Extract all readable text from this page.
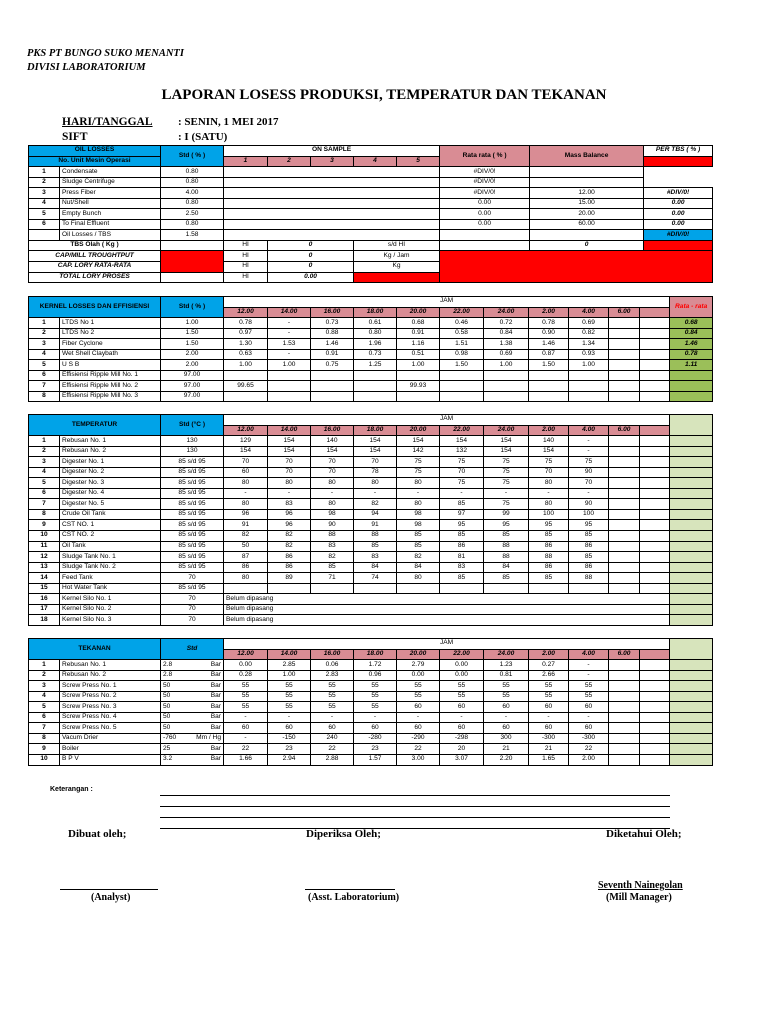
PKS PT BUNGO SUKO MENANTI
DIVISI LABORATORIUM
LAPORAN LOSESS PRODUKSI, TEMPERATUR DAN TEKANAN
HARI/TANGGAL : SENIN, 1 MEI 2017
SIFT	: I (SATU)
OIL LOSSES		Std ( % )	ON SAMPLE					Rata rata ( % )	Mass Balance	PER TBS ( % )
No. Unit Mesin Operasi			1	2	3	4	5			
1	Condensate	0.80						#DIV/0!		
2	Sludge Centrifuge	0.80						#DIV/0!		
3	Press Fiber	4.00						#DIV/0!	12.00	#DIV/0!
4	Nut/Shell	0.80						0.00	15.00	0.00
5	Empty Bunch	2.50						0.00	20.00	0.00
6	To Final Effluent	0.80						0.00	60.00	0.00
	Oil Losses / TBS	1.58								#DIV/0!
TBS Olah ( Kg )			HI	0		s/d HI			0	
CAP/MILL TROUGHTPUT			HI	0		Kg / Jam				
CAP. LORY RATA-RATA			HI	0		Kg				
TOTAL LORY PROSES			HI	0.00						
KERNEL LOSSES DAN EFFISIENSI		Std ( % )	JAM											Rata - rata
			12.00	14.00	16.00	18.00	20.00	22.00	24.00	2.00	4.00	6.00		
1	LTDS No 1	1.00	0.78	-	0.73	0.61	0.68	0.46	0.72	0.78	0.69			0.68
2	LTDS No 2	1.50	0.97	-	0.88	0.80	0.91	0.58	0.84	0.90	0.82			0.84
3	Fiber Cyclone	1.50	1.30	1.53	1.46	1.96	1.16	1.51	1.38	1.46	1.34			1.46
4	Wet Shell Claybath	2.00	0.63	-	0.91	0.73	0.51	0.98	0.69	0.87	0.93			0.78
5	U S B	2.00	1.00	1.00	0.75	1.25	1.00	1.50	1.00	1.50	1.00			1.11
6	Effisiensi Ripple Mill No. 1	97.00												
7	Effisiensi Ripple Mill No. 2	97.00	99.65				99.93							
8	Effisiensi Ripple Mill No. 3	97.00												
TEMPERATUR		Std (°C )	JAM											
			12.00	14.00	16.00	18.00	20.00	22.00	24.00	2.00	4.00	6.00		
1	Rebusan No. 1	130	129	154	140	154	154	154	154	140	-			
2	Rebusan No. 2	130	154	154	154	154	142	132	154	154	-			
3	Digester No. 1	85 s/d 95	70	70	70	70	75	75	75	75	75			
4	Digester No. 2	85 s/d 95	60	70	70	78	75	70	75	70	90			
5	Digester No. 3	85 s/d 95	80	80	80	80	80	75	75	80	70			
6	Digester No. 4	85 s/d 95	-	-	-	-	-	-	-	-	-			
7	Digester No. 5	85 s/d 95	80	83	80	82	80	85	75	80	90			
8	Crude Oil Tank	85 s/d 95	96	96	98	94	98	97	99	100	100			
9	CST NO. 1	85 s/d 95	91	96	90	91	98	95	95	95	95			
10	CST NO. 2	85 s/d 95	82	82	88	88	85	85	85	85	85			
11	Oil Tank	85 s/d 95	50	82	83	85	85	86	88	86	86			
12	Sludge Tank No. 1	85 s/d 95	87	86	82	83	82	81	88	88	85			
13	Sludge Tank No. 2	85 s/d 95	86	86	85	84	84	83	84	86	86			
14	Feed Tank	70	80	89	71	74	80	85	85	85	88			
15	Hot Water Tank	85 s/d 95												
16	Kernel Silo No. 1	70	Belum dipasang											
17	Kernel Silo No. 2	70	Belum dipasang											
18	Kernel Silo No. 3	70	Belum dipasang											
TEKANAN		Std		JAM											
				12.00	14.00	16.00	18.00	20.00	22.00	24.00	2.00	4.00	6.00		
1	Rebusan No. 1	2.8	Bar	0.00	2.85	0.06	1.72	2.79	0.00	1.23	0.27	-			
2	Rebusan No. 2	2.8	Bar	0.28	1.00	2.83	0.96	0.00	0.00	0.81	2.66	-			
3	Screw Press No. 1	50	Bar	55	55	55	55	55	55	55	55	55			
4	Screw Press No. 2	50	Bar	55	55	55	55	55	55	55	55	55			
5	Screw Press No. 3	50	Bar	55	55	55	55	60	60	60	60	60			
6	Screw Press No. 4	50	Bar	-	-	-	-	-	-	-	-	-			
7	Screw Press No. 5	50	Bar	60	60	60	60	60	60	60	60	60			
8	Vacum Drier	-760	Mm / Hg	-	-150	240	-280	-290	-298	300	-300	-300			
9	Boiler	25	Bar	22	23	22	23	22	20	21	21	22			
10	B P V	3.2	Bar	1.66	2.94	2.88	1.57	3.00	3.07	2.20	1.65	2.00			
Keterangan :
Dibuat oleh;	Diperiksa Oleh;	Diketahui Oleh;
(Analyst)	(Asst. Laboratorium)
Seventh Nainegolan
(Mill Manager)
